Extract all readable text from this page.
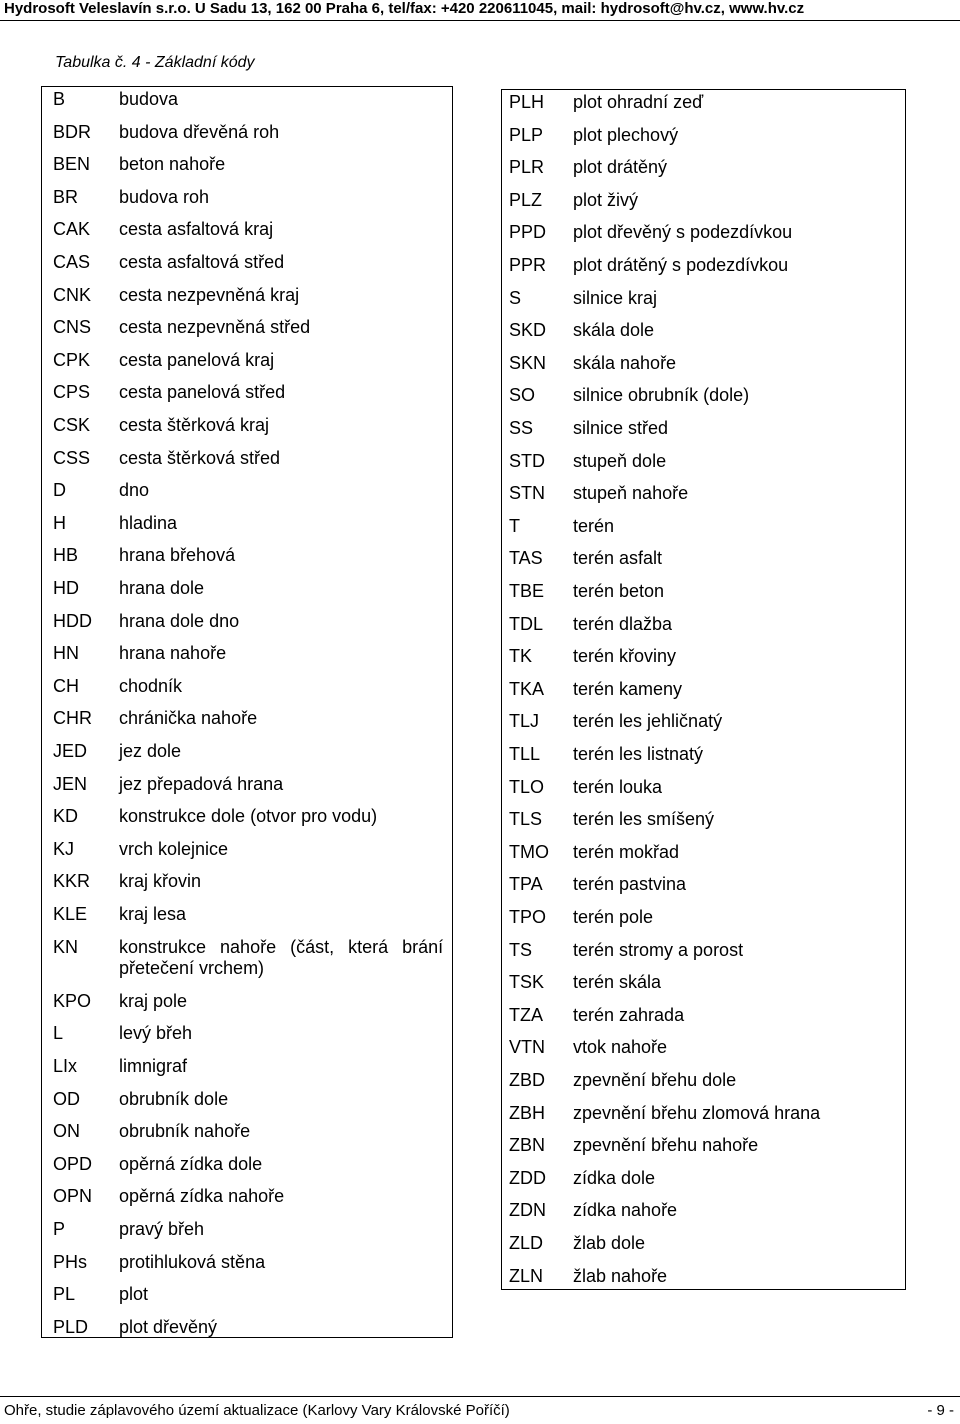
Hydrosoft Veleslavín s.r.o. U Sadu 13, 162 00 Praha 6, tel/fax: +420 220611045, mail: hydrosoft@hv.cz, www.hv.cz
Tabulka č. 4 - Základní kódy
B	budova
BDR budova dřevěná roh
BEN beton nahoře
BR budova roh
CAK cesta asfaltová kraj
CAS cesta asfaltová střed
CNK cesta nezpevněná kraj
CNS cesta nezpevněná střed
CPK cesta panelová kraj
CPS cesta panelová střed
CSK cesta štěrková kraj
CSS cesta štěrková střed
D	dno
H	hladina
HB hrana břehová
HD hrana dole
HDD hrana dole dno
HN hrana nahoře
CH chodník
CHR chránička nahoře
JED jez dole
JEN jez přepadová hrana
KD konstrukce dole (otvor pro vodu)
KJ vrch kolejnice
KKR kraj křovin
KLE kraj lesa
KN konstrukce nahoře (část, která brání
přetečení vrchem)
KPO kraj pole
L	levý břeh
LIx limnigraf
OD obrubník dole
ON obrubník nahoře
OPD opěrná zídka dole
OPN opěrná zídka nahoře
P	pravý břeh
PHs protihluková stěna
PL plot
PLD plot dřevěný
PLH plot ohradní zeď
PLP plot plechový
PLR plot drátěný
PLZ plot živý
PPD plot dřevěný s podezdívkou
PPR plot drátěný s podezdívkou
S	silnice kraj
SKD skála dole
SKN skála nahoře
SO silnice obrubník (dole)
SS silnice střed
STD stupeň dole
STN stupeň nahoře
T	terén
TAS terén asfalt
TBE terén beton
TDL terén dlažba
TK terén křoviny
TKA terén kameny
TLJ terén les jehličnatý
TLL terén les listnatý
TLO terén louka
TLS terén les smíšený
TMO terén mokřad
TPA terén pastvina
TPO terén pole
TS terén stromy a porost
TSK terén skála
TZA terén zahrada
VTN vtok nahoře
ZBD zpevnění břehu dole
ZBH zpevnění břehu zlomová hrana
ZBN zpevnění břehu nahoře
ZDD zídka dole
ZDN zídka nahoře
ZLD žlab dole
ZLN žlab nahoře
Ohře, studie záplavového území aktualizace (Karlovy Vary Královské Poříčí)	- 9 -
